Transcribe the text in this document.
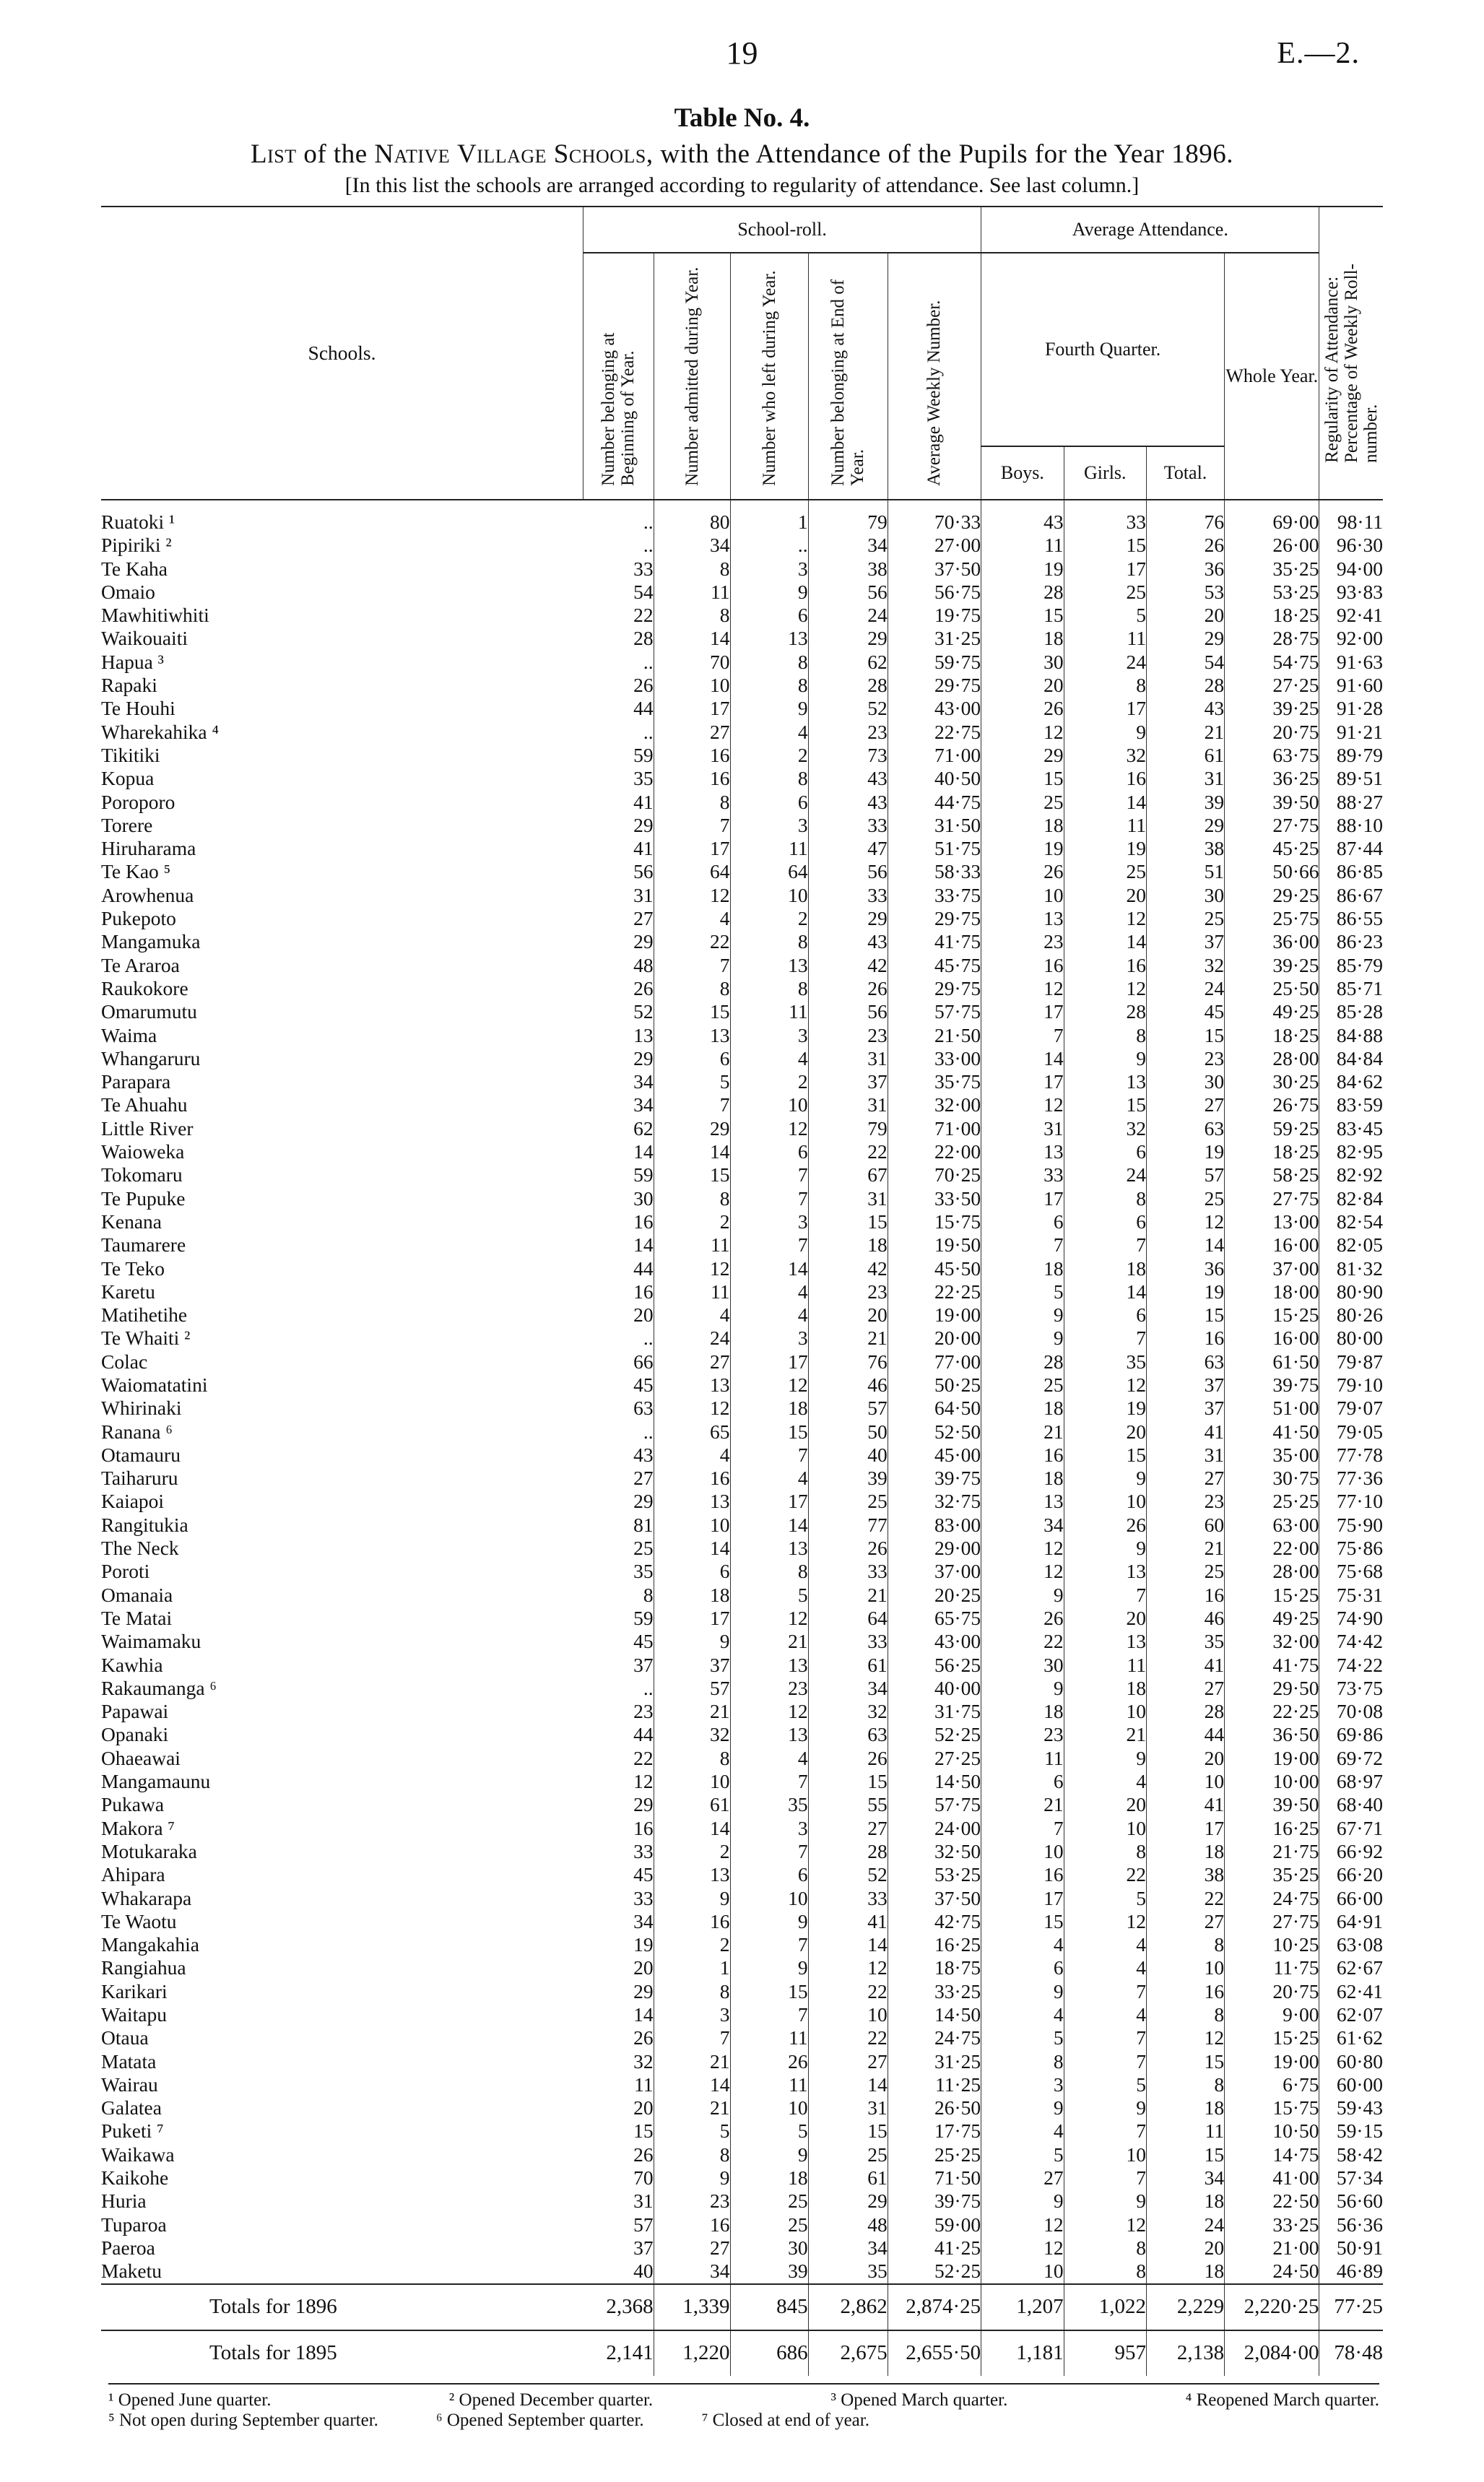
19	E.—2.
Table No. 4.
List of the Native Village Schools, with the Attendance of the Pupils for the Year 1896.
[In this list the schools are arranged according to regularity of attendance. See last column.]
Schools.	School-roll.					Average Attendance.				Regularity of Attendance: Percentage of Weekly Roll-number.
	Number belonging at Beginning of Year.	Number admitted during Year.	Number who left during Year.	Number belonging at End of Year.	Average Weekly Number.					
						Fourth Quarter.			Whole Year.	
						Boys.	Girls.	Total.		
Ruatoki ¹	..	80	1	79	70·33	43	33	76	69·00	98·11
Pipiriki ²	..	34	..	34	27·00	11	15	26	26·00	96·30
Te Kaha	33	8	3	38	37·50	19	17	36	35·25	94·00
Omaio	54	11	9	56	56·75	28	25	53	53·25	93·83
Mawhitiwhiti	22	8	6	24	19·75	15	5	20	18·25	92·41
Waikouaiti	28	14	13	29	31·25	18	11	29	28·75	92·00
Hapua ³	..	70	8	62	59·75	30	24	54	54·75	91·63
Rapaki	26	10	8	28	29·75	20	8	28	27·25	91·60
Te Houhi	44	17	9	52	43·00	26	17	43	39·25	91·28
Wharekahika ⁴	..	27	4	23	22·75	12	9	21	20·75	91·21
Tikitiki	59	16	2	73	71·00	29	32	61	63·75	89·79
Kopua	35	16	8	43	40·50	15	16	31	36·25	89·51
Poroporo	41	8	6	43	44·75	25	14	39	39·50	88·27
Torere	29	7	3	33	31·50	18	11	29	27·75	88·10
Hiruharama	41	17	11	47	51·75	19	19	38	45·25	87·44
Te Kao ⁵	56	64	64	56	58·33	26	25	51	50·66	86·85
Arowhenua	31	12	10	33	33·75	10	20	30	29·25	86·67
Pukepoto	27	4	2	29	29·75	13	12	25	25·75	86·55
Mangamuka	29	22	8	43	41·75	23	14	37	36·00	86·23
Te Araroa	48	7	13	42	45·75	16	16	32	39·25	85·79
Raukokore	26	8	8	26	29·75	12	12	24	25·50	85·71
Omarumutu	52	15	11	56	57·75	17	28	45	49·25	85·28
Waima	13	13	3	23	21·50	7	8	15	18·25	84·88
Whangaruru	29	6	4	31	33·00	14	9	23	28·00	84·84
Parapara	34	5	2	37	35·75	17	13	30	30·25	84·62
Te Ahuahu	34	7	10	31	32·00	12	15	27	26·75	83·59
Little River	62	29	12	79	71·00	31	32	63	59·25	83·45
Waioweka	14	14	6	22	22·00	13	6	19	18·25	82·95
Tokomaru	59	15	7	67	70·25	33	24	57	58·25	82·92
Te Pupuke	30	8	7	31	33·50	17	8	25	27·75	82·84
Kenana	16	2	3	15	15·75	6	6	12	13·00	82·54
Taumarere	14	11	7	18	19·50	7	7	14	16·00	82·05
Te Teko	44	12	14	42	45·50	18	18	36	37·00	81·32
Karetu	16	11	4	23	22·25	5	14	19	18·00	80·90
Matihetihe	20	4	4	20	19·00	9	6	15	15·25	80·26
Te Whaiti ²	..	24	3	21	20·00	9	7	16	16·00	80·00
Colac	66	27	17	76	77·00	28	35	63	61·50	79·87
Waiomatatini	45	13	12	46	50·25	25	12	37	39·75	79·10
Whirinaki	63	12	18	57	64·50	18	19	37	51·00	79·07
Ranana ⁶	..	65	15	50	52·50	21	20	41	41·50	79·05
Otamauru	43	4	7	40	45·00	16	15	31	35·00	77·78
Taiharuru	27	16	4	39	39·75	18	9	27	30·75	77·36
Kaiapoi	29	13	17	25	32·75	13	10	23	25·25	77·10
Rangitukia	81	10	14	77	83·00	34	26	60	63·00	75·90
The Neck	25	14	13	26	29·00	12	9	21	22·00	75·86
Poroti	35	6	8	33	37·00	12	13	25	28·00	75·68
Omanaia	8	18	5	21	20·25	9	7	16	15·25	75·31
Te Matai	59	17	12	64	65·75	26	20	46	49·25	74·90
Waimamaku	45	9	21	33	43·00	22	13	35	32·00	74·42
Kawhia	37	37	13	61	56·25	30	11	41	41·75	74·22
Rakaumanga ⁶	..	57	23	34	40·00	9	18	27	29·50	73·75
Papawai	23	21	12	32	31·75	18	10	28	22·25	70·08
Opanaki	44	32	13	63	52·25	23	21	44	36·50	69·86
Ohaeawai	22	8	4	26	27·25	11	9	20	19·00	69·72
Mangamaunu	12	10	7	15	14·50	6	4	10	10·00	68·97
Pukawa	29	61	35	55	57·75	21	20	41	39·50	68·40
Makora ⁷	16	14	3	27	24·00	7	10	17	16·25	67·71
Motukaraka	33	2	7	28	32·50	10	8	18	21·75	66·92
Ahipara	45	13	6	52	53·25	16	22	38	35·25	66·20
Whakarapa	33	9	10	33	37·50	17	5	22	24·75	66·00
Te Waotu	34	16	9	41	42·75	15	12	27	27·75	64·91
Mangakahia	19	2	7	14	16·25	4	4	8	10·25	63·08
Rangiahua	20	1	9	12	18·75	6	4	10	11·75	62·67
Karikari	29	8	15	22	33·25	9	7	16	20·75	62·41
Waitapu	14	3	7	10	14·50	4	4	8	9·00	62·07
Otaua	26	7	11	22	24·75	5	7	12	15·25	61·62
Matata	32	21	26	27	31·25	8	7	15	19·00	60·80
Wairau	11	14	11	14	11·25	3	5	8	6·75	60·00
Galatea	20	21	10	31	26·50	9	9	18	15·75	59·43
Puketi ⁷	15	5	5	15	17·75	4	7	11	10·50	59·15
Waikawa	26	8	9	25	25·25	5	10	15	14·75	58·42
Kaikohe	70	9	18	61	71·50	27	7	34	41·00	57·34
Huria	31	23	25	29	39·75	9	9	18	22·50	56·60
Tuparoa	57	16	25	48	59·00	12	12	24	33·25	56·36
Paeroa	37	27	30	34	41·25	12	8	20	21·00	50·91
Maketu	40	34	39	35	52·25	10	8	18	24·50	46·89
Totals for 1896	2,368	1,339	845	2,862	2,874·25	1,207	1,022	2,229	2,220·25	77·25
Totals for 1895	2,141	1,220	686	2,675	2,655·50	1,181	957	2,138	2,084·00	78·48
¹ Opened June quarter.	² Opened December quarter.	³ Opened March quarter.	⁴ Reopened March quarter.
⁵ Not open during September quarter.	⁶ Opened September quarter.	⁷ Closed at end of year.
